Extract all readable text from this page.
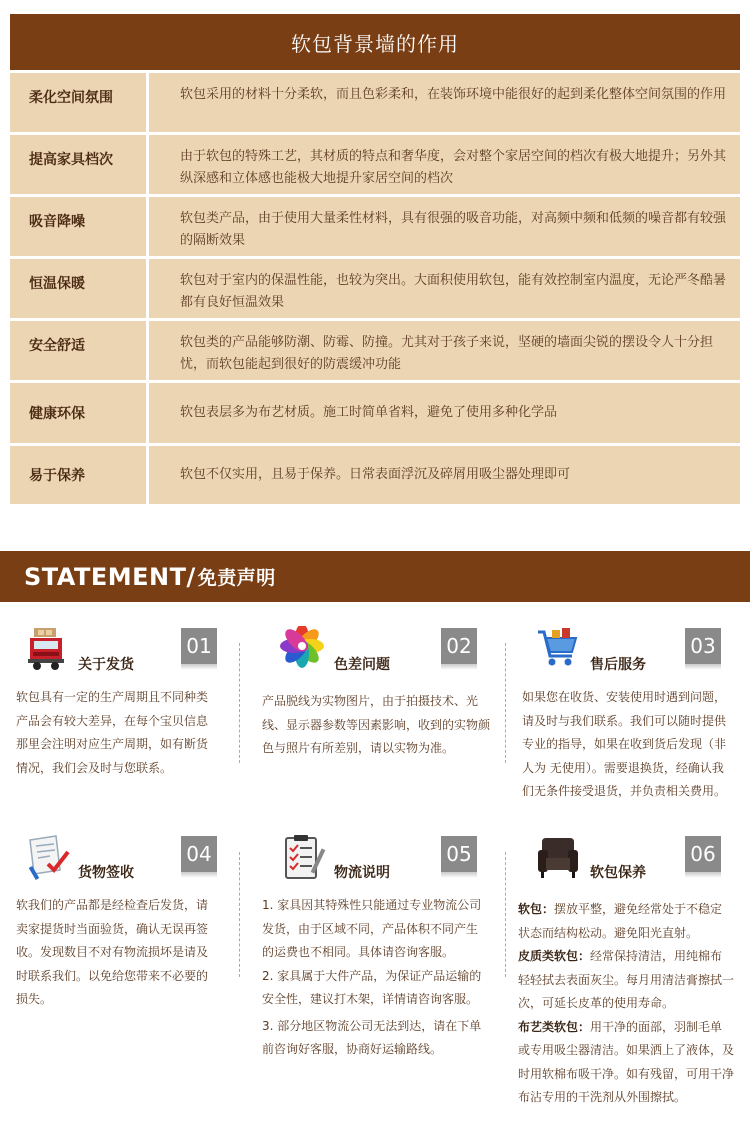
软包背景墙的作用
柔化空间氛围	软包采用的材料十分柔软，而且色彩柔和，在装饰环境中能很好的起到柔化整体空间氛围的作用
提高家具档次	由于软包的特殊工艺，其材质的特点和奢华度，会对整个家居空间的档次有极大地提升；另外其纵深感和立体感也能极大地提升家居空间的档次
吸音降噪	软包类产品，由于使用大量柔性材料，具有很强的吸音功能，对高频中频和低频的噪音都有较强的隔断效果
恒温保暖	软包对于室内的保温性能，也较为突出。大面积使用软包，能有效控制室内温度，无论严冬酷暑都有良好恒温效果
安全舒适	软包类的产品能够防潮、防霉、防撞。尤其对于孩子来说，坚硬的墙面尖锐的摆设令人十分担忧，而软包能起到很好的防震缓冲功能
健康环保	软包表层多为布艺材质。施工时简单省料，避免了使用多种化学品
易于保养	软包不仅实用，且易于保养。日常表面浮沉及碎屑用吸尘器处理即可
STATEMENT/ 免责声明
关于发货
01

软包具有一定的生产周期且不同种类产品会有较大差异，在每个宝贝信息那里会注明对应生产周期，如有断货情况，我们会及时与您联系。

色差问题
02

产品脱线为实物图片，由于拍摄技术、光线、显示器参数等因素影响，收到的实物颜色与照片有所差别，请以实物为准。

售后服务
03

如果您在收货、安装使用时遇到问题，请及时与我们联系。我们可以随时提供专业的指导，如果在收到货后发现（非人为 无使用）。需要退换货，经确认我们无条件接受退货，并负责相关费用。

货物签收
04

软我们的产品都是经检查后发货，请卖家提货时当面验货，确认无误再签收。发现数目不对有物流损坏是请及时联系我们。以免给您带来不必要的损失。

物流说明
05

1. 家具因其特殊性只能通过专业物流公司发货，由于区域不同，产品体积不同产生的运费也不相同。具体请咨询客服。

2. 家具属于大件产品，为保证产品运输的安全性，建议打木架，详情请咨询客服。

3. 部分地区物流公司无法到达，请在下单前咨询好客服，协商好运输路线。

软包保养
06

软包：摆放平整，避免经常处于不稳定状态而结构松动。避免阳光直射。

皮质类软包：经常保持清洁，用纯棉布轻轻拭去表面灰尘。每月用清洁膏擦拭一次，可延长皮革的使用寿命。

布艺类软包：用干净的面部，羽制毛单或专用吸尘器清洁。如果洒上了液体，及时用软棉布吸干净。如有残留，可用干净布沾专用的干洗剂从外围擦拭。
